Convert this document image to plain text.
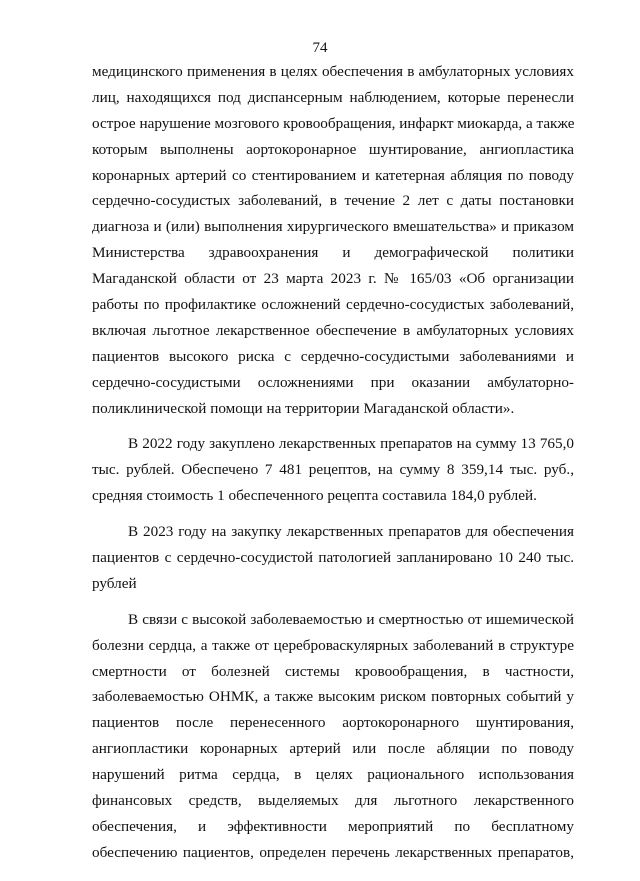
74
медицинского применения в целях обеспечения в амбулаторных условиях
лиц, находящихся под диспансерным наблюдением, которые перенесли
острое нарушение мозгового кровообращения, инфаркт миокарда, а также
которым выполнены аортокоронарное шунтирование, ангиопластика
коронарных артерий со стентированием и катетерная абляция по поводу
сердечно-сосудистых заболеваний, в течение 2 лет с даты постановки
диагноза и (или) выполнения хирургического вмешательства» и приказом
Министерства здравоохранения и демографической политики
Магаданской области от 23 марта 2023 г. № 165/03 «Об организации
работы по профилактике осложнений сердечно-сосудистых заболеваний,
включая льготное лекарственное обеспечение в амбулаторных условиях
пациентов высокого риска с сердечно-сосудистыми заболеваниями и
сердечно-сосудистыми осложнениями при оказании амбулаторно-
поликлинической помощи на территории Магаданской области».
В 2022 году закуплено лекарственных препаратов на сумму 13 765,0
тыс. рублей. Обеспечено 7 481 рецептов, на сумму 8 359,14 тыс. руб.,
средняя стоимость 1 обеспеченного рецепта составила 184,0 рублей.
В 2023 году на закупку лекарственных препаратов для обеспечения
пациентов с сердечно-сосудистой патологией запланировано 10 240 тыс.
рублей
В связи с высокой заболеваемостью и смертностью от ишемической
болезни сердца, а также от цереброваскулярных заболеваний в структуре
смертности от болезней системы кровообращения, в частности,
заболеваемостью ОНМК, а также высоким риском повторных событий у
пациентов после перенесенного аортокоронарного шунтирования,
ангиопластики коронарных артерий или после абляции по поводу
нарушений ритма сердца, в целях рационального использования
финансовых средств, выделяемых для льготного лекарственного
обеспечения, и эффективности мероприятий по бесплатному
обеспечению пациентов, определен перечень лекарственных препаратов,
